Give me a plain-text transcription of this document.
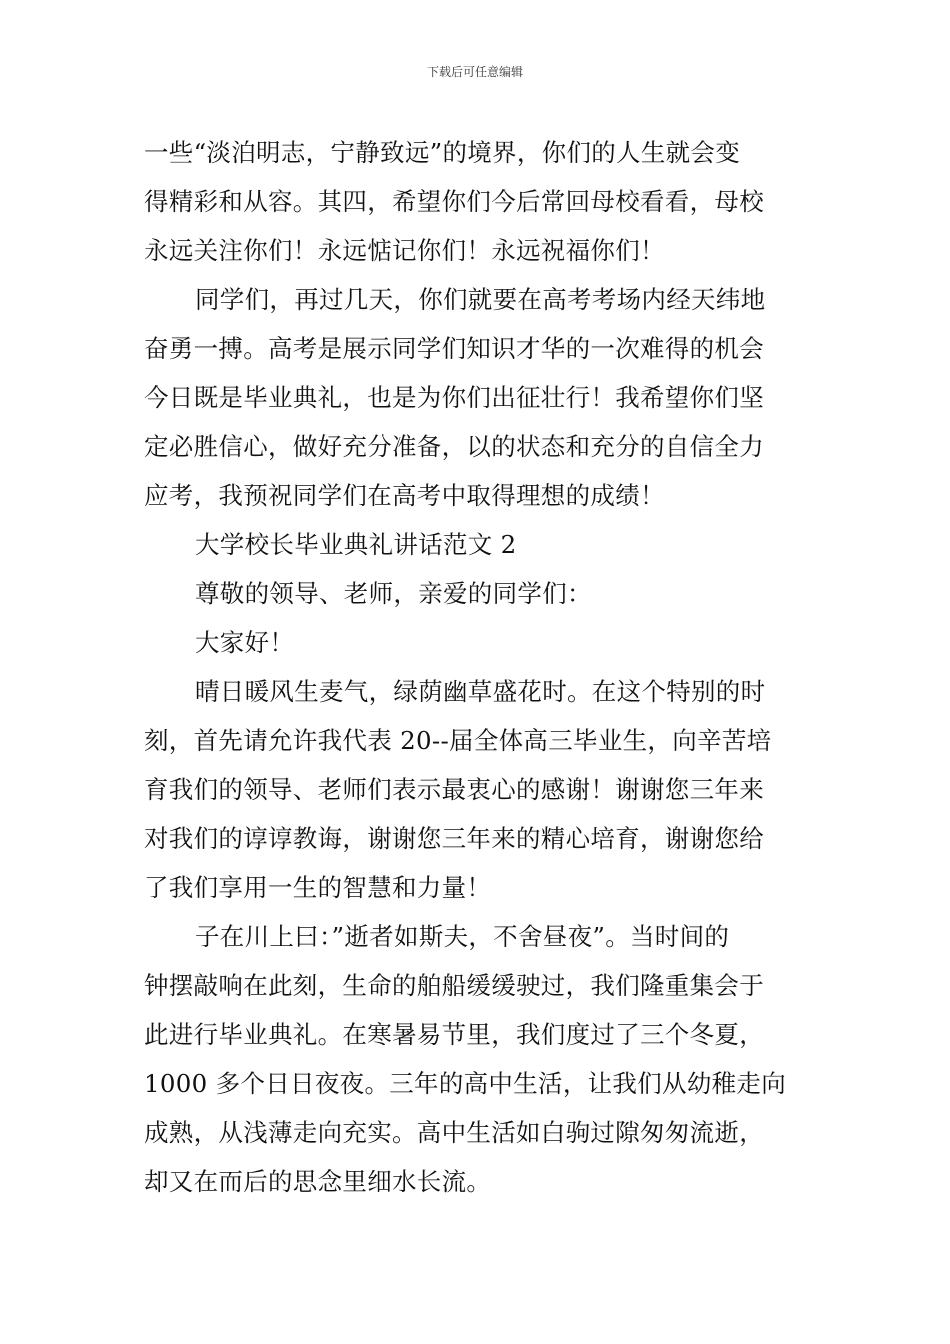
下载后可任意编辑
一些“淡泊明志，宁静致远”的境界，你们的人生就会变
得精彩和从容。其四，希望你们今后常回母校看看，母校
永远关注你们！永远惦记你们！永远祝福你们！
同学们，再过几天，你们就要在高考考场内经天纬地
奋勇一搏。高考是展示同学们知识才华的一次难得的机会
今日既是毕业典礼，也是为你们出征壮行！我希望你们坚
定必胜信心，做好充分准备，以的状态和充分的自信全力
应考，我预祝同学们在高考中取得理想的成绩！
大学校长毕业典礼讲话范文 2
尊敬的领导、老师，亲爱的同学们：
大家好！
晴日暖风生麦气，绿荫幽草盛花时。在这个特别的时
刻，首先请允许我代表 20--届全体高三毕业生，向辛苦培
育我们的领导、老师们表示最衷心的感谢！谢谢您三年来
对我们的谆谆教诲，谢谢您三年来的精心培育，谢谢您给
了我们享用一生的智慧和力量！
子在川上曰：”逝者如斯夫，不舍昼夜”。当时间的
钟摆敲响在此刻，生命的舶船缓缓驶过，我们隆重集会于
此进行毕业典礼。在寒暑易节里，我们度过了三个冬夏，
1000 多个日日夜夜。三年的高中生活，让我们从幼稚走向
成熟，从浅薄走向充实。高中生活如白驹过隙匆匆流逝，
却又在而后的思念里细水长流。
